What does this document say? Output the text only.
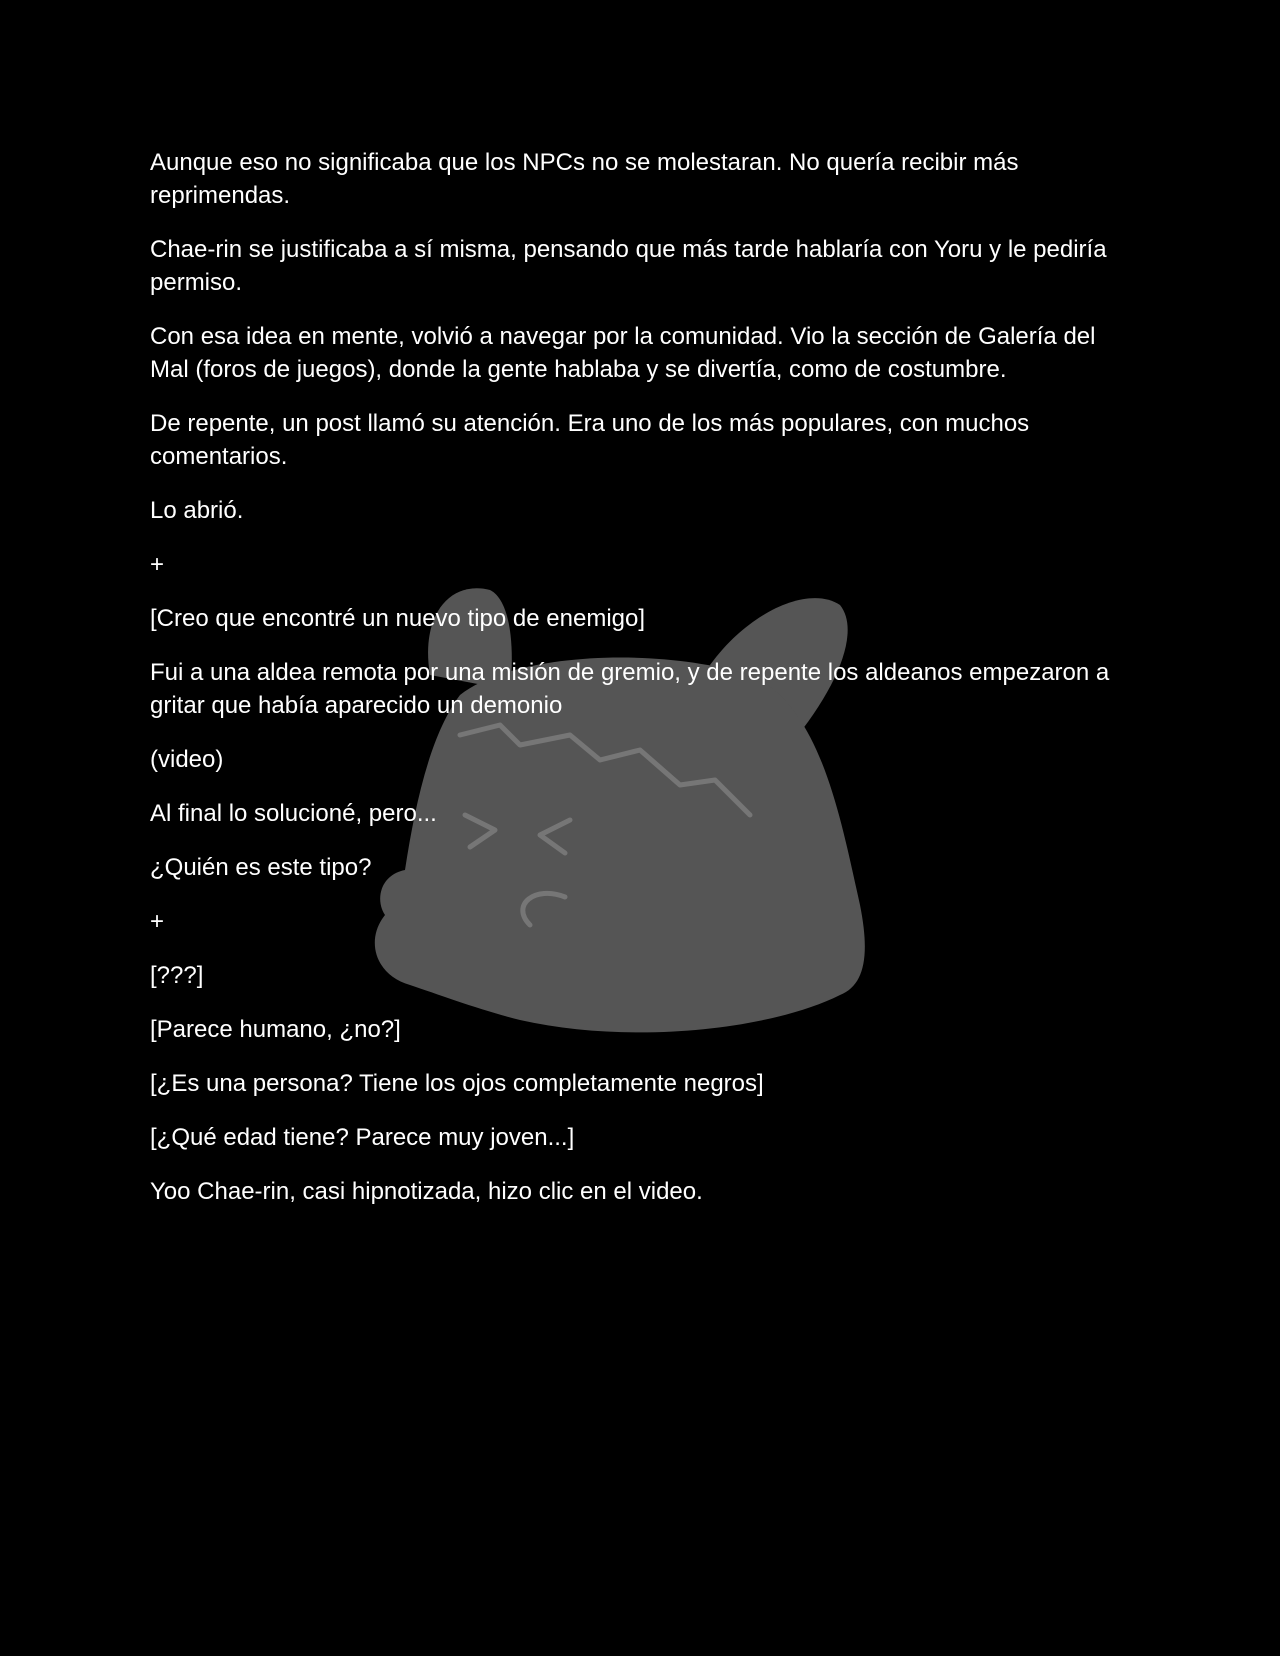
Aunque eso no significaba que los NPCs no se molestaran. No quería recibir más reprimendas.

Chae-rin se justificaba a sí misma, pensando que más tarde hablaría con Yoru y le pediría permiso.

Con esa idea en mente, volvió a navegar por la comunidad. Vio la sección de Galería del Mal (foros de juegos), donde la gente hablaba y se divertía, como de costumbre.

De repente, un post llamó su atención. Era uno de los más populares, con muchos comentarios.

Lo abrió.

+

[Creo que encontré un nuevo tipo de enemigo]

Fui a una aldea remota por una misión de gremio, y de repente los aldeanos empezaron a gritar que había aparecido un demonio

(video)

Al final lo solucioné, pero...

¿Quién es este tipo?

+

[???]

[Parece humano, ¿no?]

[¿Es una persona? Tiene los ojos completamente negros]

[¿Qué edad tiene? Parece muy joven...]

Yoo Chae-rin, casi hipnotizada, hizo clic en el video.
